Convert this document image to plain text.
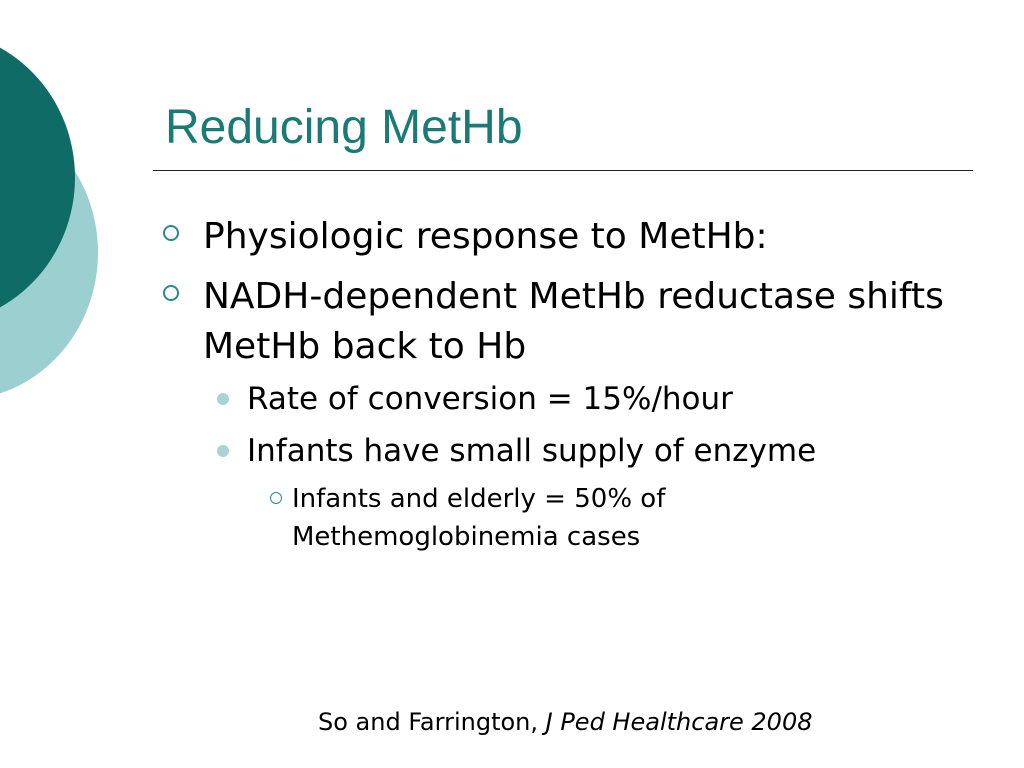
Reducing MetHb
Physiologic response to MetHb:
NADH-dependent MetHb reductase shifts MetHb back to Hb
Rate of conversion = 15%/hour
Infants have small supply of enzyme
Infants and elderly = 50% of Methemoglobinemia cases
So and Farrington, J Ped Healthcare 2008
